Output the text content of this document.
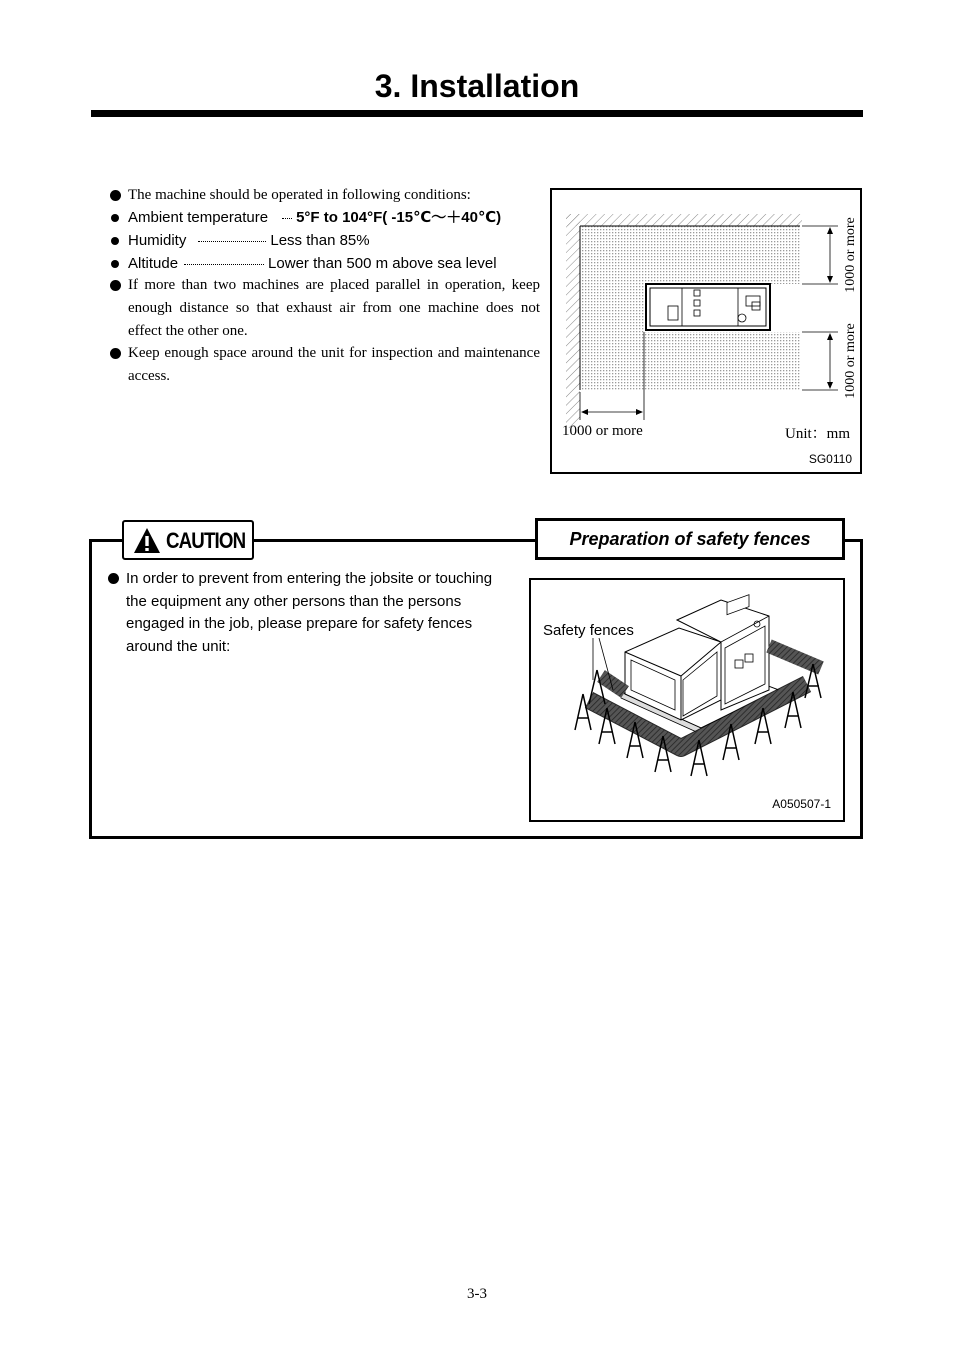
3. Installation
The machine should be operated in following conditions:
Ambient temperature 5°F to 104°F( -15℃～＋40℃)
Humidity	Less than 85%
Altitude	Lower than 500 m above sea level
If more than two machines are placed parallel in operation, keep enough distance so that exhaust air from one machine does not effect the other one.
Keep enough space around the unit for inspection and maintenance access.
1000 or more
1000 or more
1000 or more	Unit：mm
SG0110
CAUTION	Preparation of safety fences
In order to prevent from entering the jobsite or touching the equipment any other persons than the persons engaged in the job, please prepare for safety fences around the unit:
Safety fences
A050507-1
3-3
